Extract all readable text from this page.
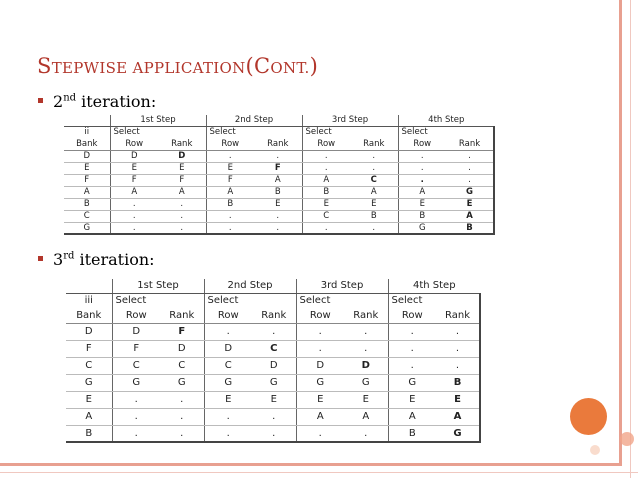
STEPWISE APPLICATION(CONT.)
2nd iteration:
3rd iteration:
	1st Step		2nd Step		3rd Step		4th Step	
ii	Select		Select		Select		Select	
Bank	Row	Rank	Row	Rank	Row	Rank	Row	Rank
D	D	D	.	.	.	.	.	.
E	E	E	E	F	.	.	.	.
F	F	F	F	A	A	C	.	.
A	A	A	A	B	B	A	A	G
B	.	.	B	E	E	E	E	E
C	.	.	.	.	C	B	B	A
G	.	.	.	.	.	.	G	B
	1st Step		2nd Step		3rd Step		4th Step	
iii	Select		Select		Select		Select	
Bank	Row	Rank	Row	Rank	Row	Rank	Row	Rank
D	D	F	.	.	.	.	.	.
F	F	D	D	C	.	.	.	.
C	C	C	C	D	D	D	.	.
G	G	G	G	G	G	G	G	B
E	.	.	E	E	E	E	E	E
A	.	.	.	.	A	A	A	A
B	.	.	.	.	.	.	B	G
